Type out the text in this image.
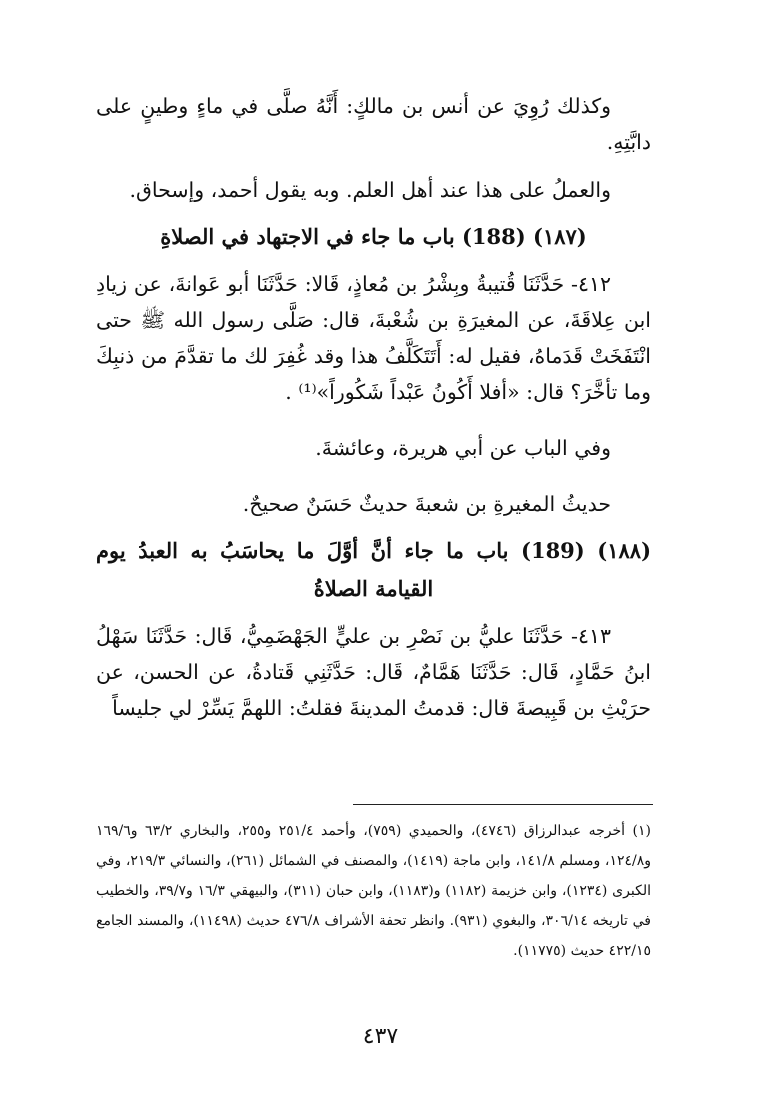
وكذلك رُوِيَ عن أنس بن مالكٍ: أَنَّهُ صلَّى في ماءٍ وطينٍ على دابَّتِهِ.

والعملُ على هذا عند أهل العلم. وبه يقول أحمد، وإسحاق.

(١٨٧) (188) باب ما جاء في الاجتهاد في الصلاةِ

٤١٢- حَدَّثَنَا قُتيبةُ وبِشْرُ بن مُعاذٍ، قَالا: حَدَّثَنَا أبو عَوانةَ، عن زيادِ ابن عِلاقَةَ، عن المغيرَةِ بن شُعْبةَ، قال: صَلَّى رسول الله ﷺ حتى انْتَفَخَتْ قَدَماهُ، فقيل له: أَتَتَكَلَّفُ هذا وقد غُفِرَ لك ما تقدَّمَ من ذنبِكَ وما تأخَّرَ؟ قال: «أفلا أَكُونُ عَبْداً شَكُوراً»⁽¹⁾ .

وفي الباب عن أبي هريرة، وعائشةَ.

حديثُ المغيرةِ بن شعبةَ حديثٌ حَسَنٌ صحيحٌ.

(١٨٨) (189) باب ما جاء أنَّ أوَّلَ ما يحاسَبُ به العبدُ يوم القيامة الصلاةُ

٤١٣- حَدَّثَنَا عليُّ بن نَصْرِ بن عليٍّ الجَهْضَمِيُّ، قَال: حَدَّثَنَا سَهْلُ ابنُ حَمَّادٍ، قَال: حَدَّثَنَا هَمَّامٌ، قَال: حَدَّثَنِي قَتادةُ، عن الحسن، عن حرَيْثِ بن قَبِيصةَ قال: قدمتُ المدينةَ فقلتُ: اللهمَّ يَسِّرْ لي جليساً

(١) أخرجه عبدالرزاق (٤٧٤٦)، والحميدي (٧٥٩)، وأحمد ٢٥١/٤ و٢٥٥، والبخاري ٦٣/٢ و١٦٩/٦ و١٢٤/٨، ومسلم ١٤١/٨، وابن ماجة (١٤١٩)، والمصنف في الشمائل (٢٦١)، والنسائي ٢١٩/٣، وفي الكبرى (١٢٣٤)، وابن خزيمة (١١٨٢) و(١١٨٣)، وابن حبان (٣١١)، والبيهقي ١٦/٣ و٣٩/٧، والخطيب في تاريخه ٣٠٦/١٤، والبغوي (٩٣١). وانظر تحفة الأشراف ٤٧٦/٨ حديث (١١٤٩٨)، والمسند الجامع ٤٢٢/١٥ حديث (١١٧٧٥).

٤٣٧
